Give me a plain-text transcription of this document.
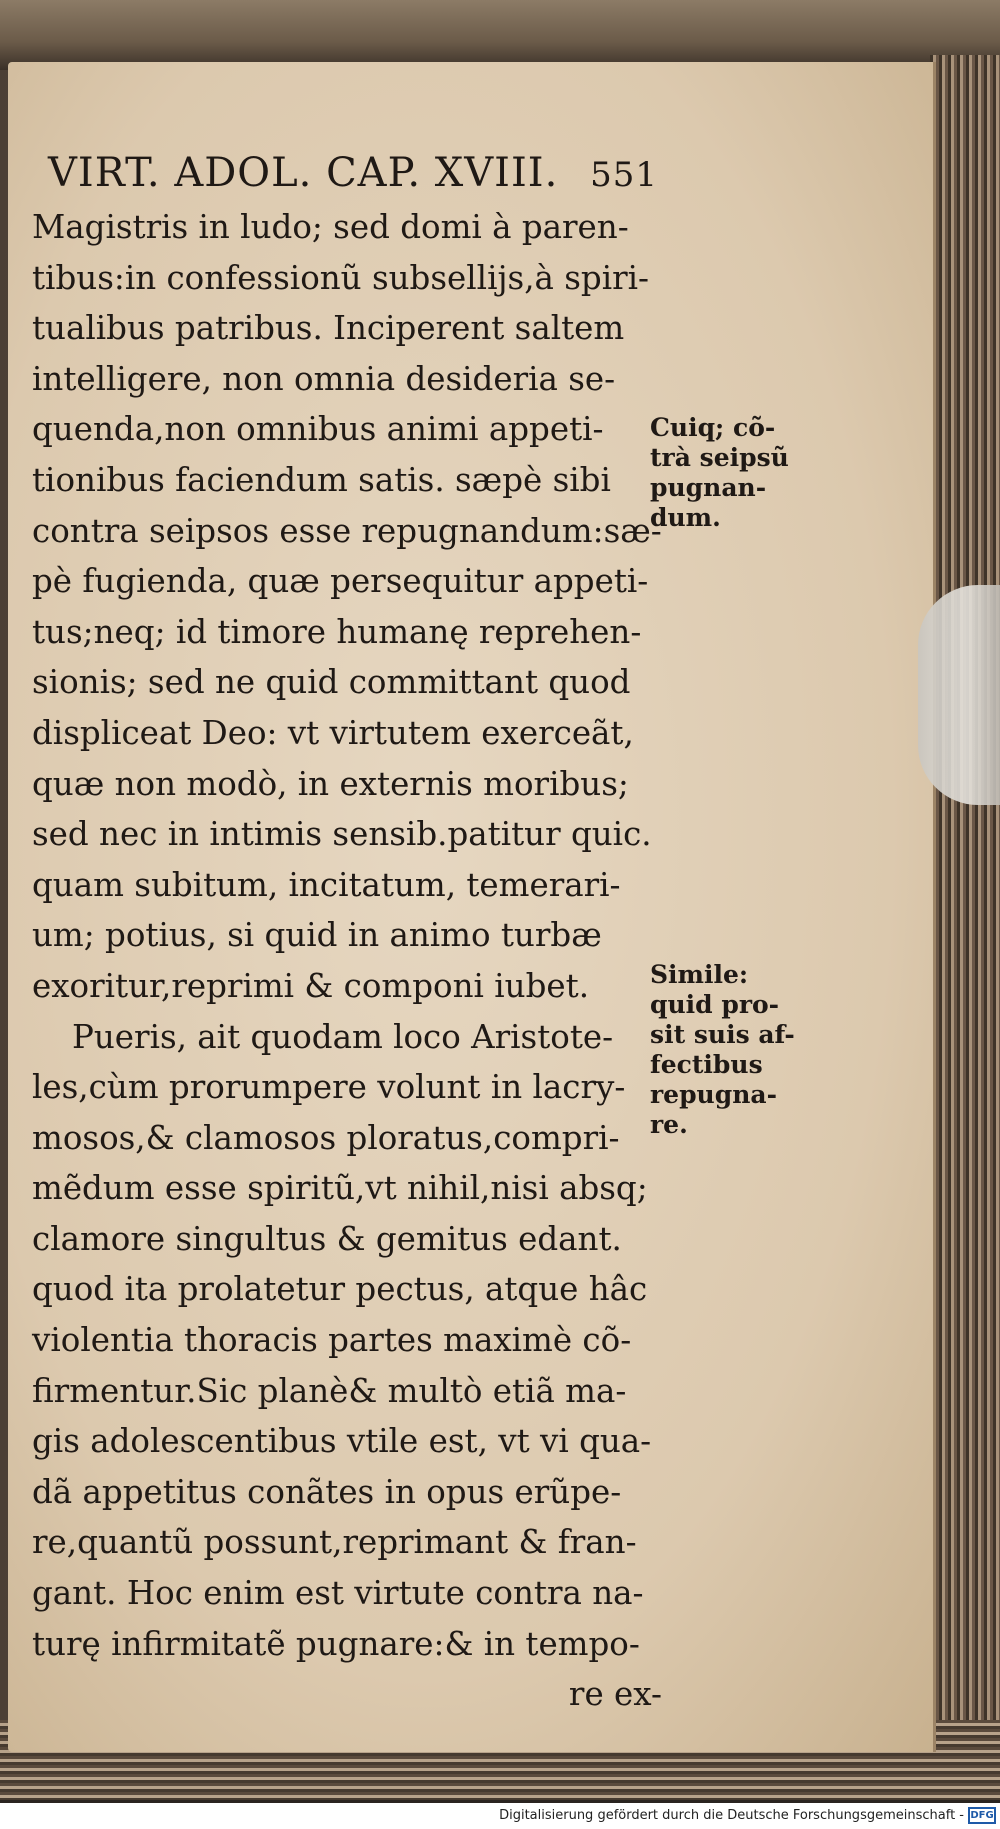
VIRT. ADOL. CAP. XVIII. 551
Magistris in ludo; sed domi à paren-
tibus:in confessionũ subsellijs,à spiri-
tualibus patribus. Inciperent saltem
intelligere, non omnia desideria se-
quenda,non omnibus animi appeti-
tionibus faciendum satis. sæpè sibi
contra seipsos esse repugnandum:sæ-
pè fugienda, quæ persequitur appeti-
tus;neq; id timore humanę reprehen-
sionis; sed ne quid committant quod
displiceat Deo: vt virtutem exerceãt,
quæ non modò, in externis moribus;
sed nec in intimis sensib.patitur quic.
quam subitum, incitatum, temerari-
um; potius, si quid in animo turbæ
exoritur,reprimi & componi iubet.
Pueris, ait quodam loco Aristote-
les,cùm prorumpere volunt in lacry-
mosos,& clamosos ploratus,compri-
mẽdum esse spiritũ,vt nihil,nisi absq;
clamore singultus & gemitus edant.
quod ita prolatetur pectus, atque hâc
violentia thoracis partes maximè cõ-
firmentur.Sic planè& multò etiã ma-
gis adolescentibus vtile est, vt vi qua-
dã appetitus conãtes in opus erũpe-
re,quantũ possunt,reprimant & fran-
gant. Hoc enim est virtute contra na-
turę infirmitatẽ pugnare:& in tempo-
re ex-
Cuiq; cõ-
trà seipsũ
pugnan-
dum.
Simile:
quid pro-
sit suis af-
fectibus
repugna-
re.
Digitalisierung gefördert durch die Deutsche Forschungsgemeinschaft - DFG
